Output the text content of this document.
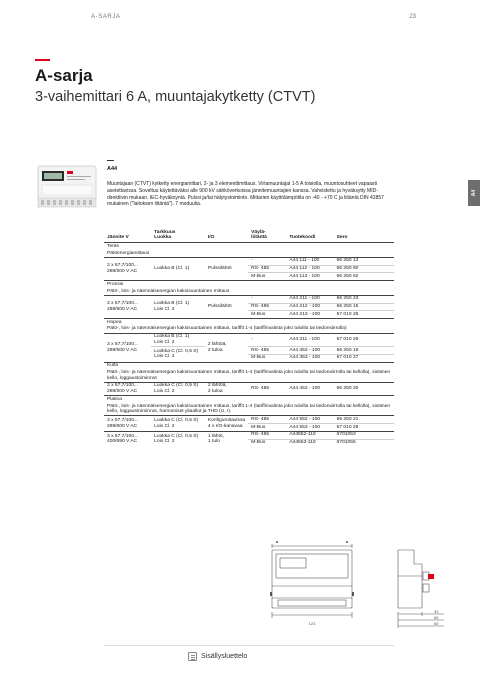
A-SARJA	23
A-sarja
3-vaihemittari 6 A, muuntajakytketty (CTVT)
A4
A44
Muuntajaan (CTVT) kytketty energiamittari, 2- ja 3 elementtimittaus. Virtamuuntajat 1-5 A toisiolla, muuntosuhteet vapaasti asetettavissa. Soveltuu käytettäväksi alle 900 kV sähköverkoissa jännitemuuntajien kanssa. Vahvistettu ja hyväksytty MID-direktiivin mukaan. IEC-hyväksyntä. Pulssi ja/tai hälytystoiminto. Mittarien käyttölämpötila on -40 - +70 C ja liitäntä DIN 43857 mukainen ("laitoksen liitäntä"). 7 moduulia.
Jännite V	Tarkkuus
Luokka	I/O	Väylä-
liitäntä	Tuotekoodi	Sero
Teräs					
Pätöenergiamittaus					
3 x 57,7/100...
288/500 V AC	Luokka B (Cl. 1)	Pulssilähtö	-	A44 111 - 100	66 250 13
			RS- 485	A44 112 - 100	66 250 60
			M-Bus	A44 113 - 100	66 250 62
Pronssi					
Pätö-, lois- ja näennäisenergian kaksisuuntainen mittaus					
3 x 57,7/100...
288/500 V AC	Luokka B (Cl. 1)
Lois Cl. 2	Pulssilähtö	-	A44 211 - 100	66 250 23
			RS- 485	A44 212 - 100	66 250 15
			M-Bus	A44 213 - 100	67 010 25
Hopea					
Pätö-, lois- ja näennäisenergian kaksisuuntainen mittaus, tariffit 1-4 (tariffinvalinta joko tuloilla tai tiedonsiirrolla)					
3 x 57,7/100...
288/500 V AC	Luokka B (Cl. 1)
Lois Cl. 2	2 lähtöä,
2 tuloa	-	A44 311 - 100	67 010 26
	Luokka C (Cl. 0,5 S)
Lois Cl. 2		RS- 485	A44 352 - 100	66 250 19
			M-Bus	A44 353 - 100	67 010 27
Kulta					
Pätö-, lois- ja näennäisenergian kaksisuuntainen mittaus, tariffit 1-4 (tariffinvalinta joko tuloilla tai tiedonsiirrolla tai kellolla), sisäinen kello, loggaustoiminnot					
3 x 57,7/100...
288/500 V AC	Luokka C (Cl. 0,5 S)
Lois Cl. 2	2 lähtöä,
2 tuloa	RS- 485	A44 452 - 100	66 250 20
Platina					
Pätö-, lois- ja näennäisenergian kaksisuuntainen mittaus, tariffit 1-4 (tariffinvalinta joko tuloilla tai tiedonsiirrolla tai kellolla), sisäinen kello, loggaustoiminnot, harmoniset yliaallot ja THD (U, I).					
3 x 57,7/100...
288/500 V AC	Luokka C (Cl. 0,5 S)
Lois Cl. 2	Konfiguroitavissa
4 x I/O-kanavaa	RS- 485	A44 552 - 100	66 250 21
			M-Bus	A44 553 - 100	67 010 29
3 x 57,7/100...
400/690 V AC	Luokka C (Cl. 0,5 S)
Lois Cl. 2	1 lähtö,
1 tulo	RS- 485	A44552-110	6701053
			M-Bus	A44553-110	6701055
123
43
65
65
Sisällysluettelo
